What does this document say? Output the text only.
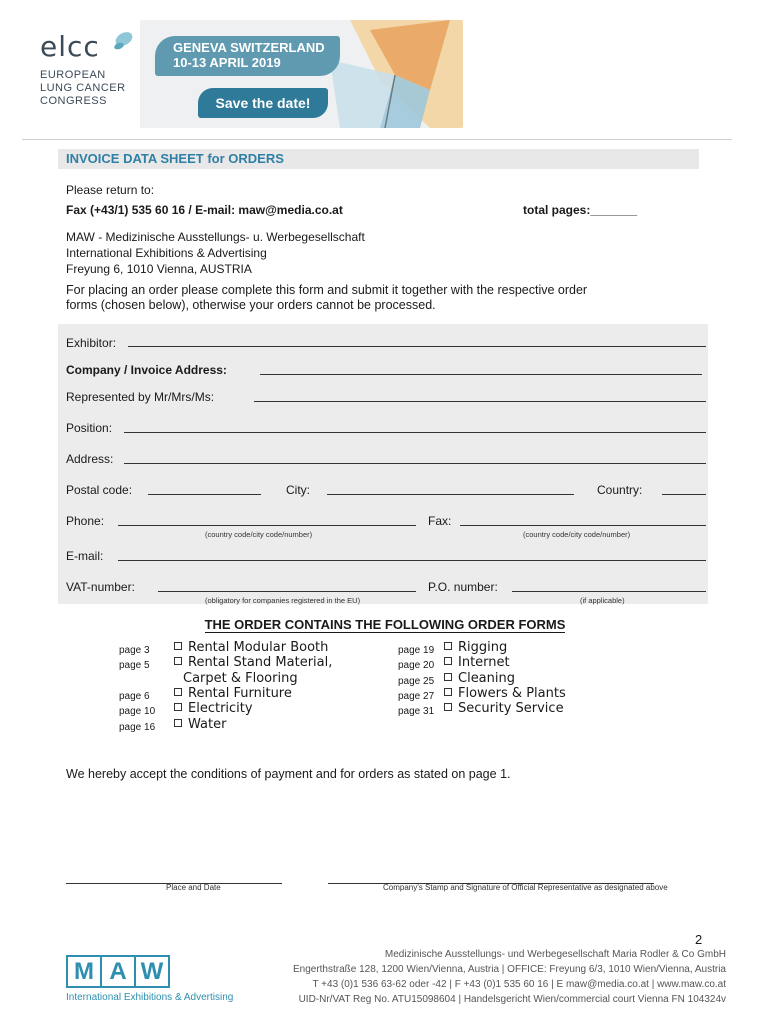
elcc
EUROPEAN
LUNG CANCER
CONGRESS
GENEVA SWITZERLAND
10-13 APRIL 2019
Save the date!
INVOICE DATA SHEET for ORDERS
Please return to:
Fax (+43/1) 535 60 16 / E-mail: maw@media.co.at	total pages:_______
MAW - Medizinische Ausstellungs- u. Werbegesellschaft
International Exhibitions & Advertising
Freyung 6, 1010 Vienna, AUSTRIA
For placing an order please complete this form and submit it together with the respective order
forms (chosen below), otherwise your orders cannot be processed.
Exhibitor:
Company / Invoice Address:
Represented by Mr/Mrs/Ms:
Position:
Address:
Postal code:	City:	Country:
Phone:
(country code/city code/number)
Fax:
(country code/city code/number)
E-mail:
VAT-number:
(obligatory for companies registered in the EU)
P.O. number:
(if applicable)
THE ORDER CONTAINS THE FOLLOWING ORDER FORMS
page 3	Rental Modular Booth
page 5	Rental Stand Material,
Carpet & Flooring
page 6	Rental Furniture
page 10	Electricity
page 16	Water
page 19	Rigging
page 20	Internet
page 25	Cleaning
page 27	Flowers & Plants
page 31	Security Service
We hereby accept the conditions of payment and for orders as stated on page 1.
Place and Date	Company's Stamp and Signature of Official Representative as designated above
2
M A W
International Exhibitions & Advertising
Medizinische Ausstellungs- und Werbegesellschaft Maria Rodler & Co GmbH
Engerthstraße 128, 1200 Wien/Vienna, Austria | OFFICE: Freyung 6/3, 1010 Wien/Vienna, Austria
T +43 (0)1 536 63-62 oder -42 | F +43 (0)1 535 60 16 | E maw@media.co.at | www.maw.co.at
UID-Nr/VAT Reg No. ATU15098604 | Handelsgericht Wien/commercial court Vienna FN 104324v
